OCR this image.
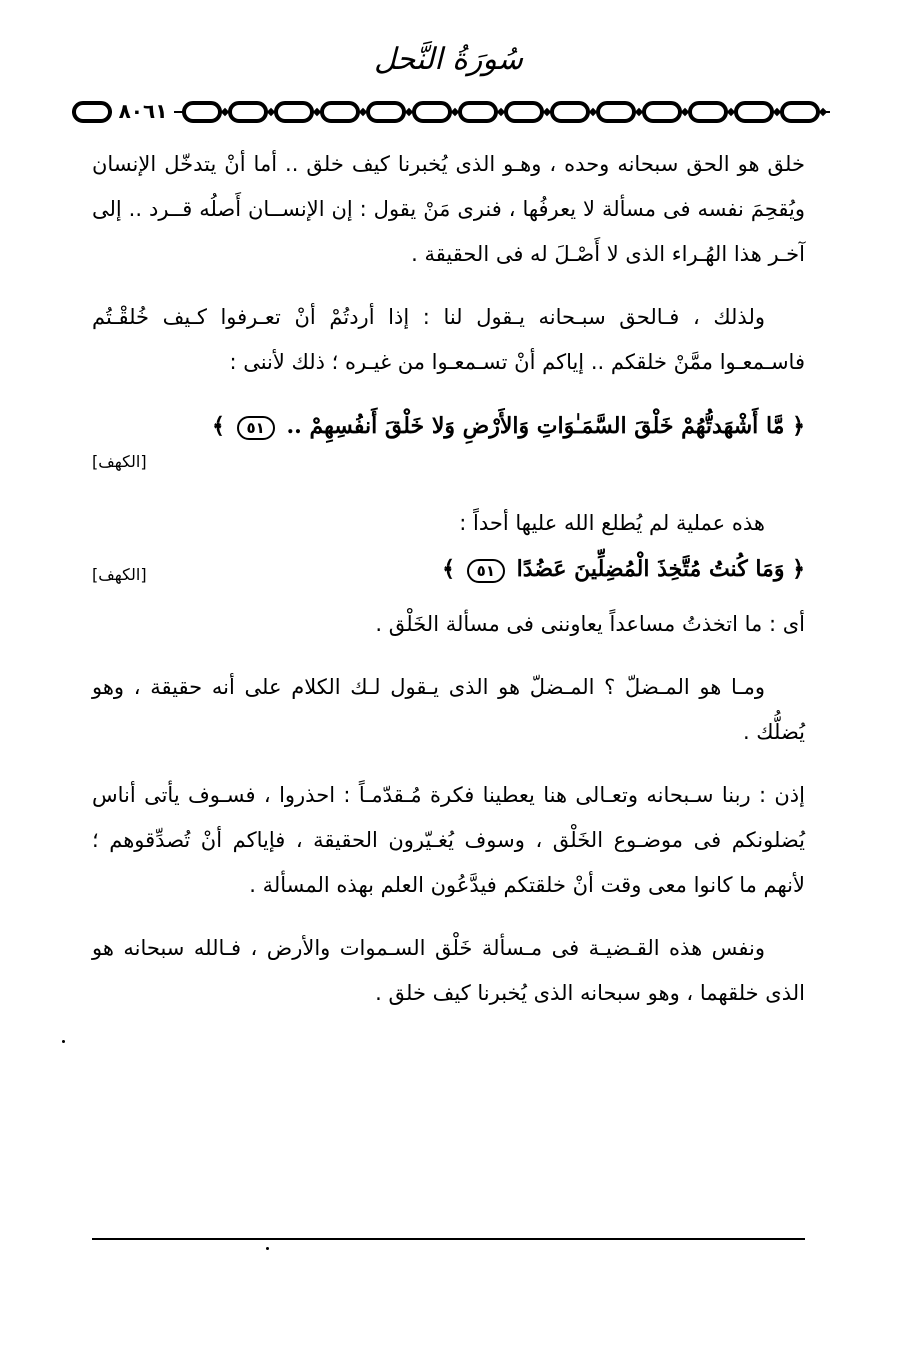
سُورَةُ النَّحل
٨٠٦١

خلق هو الحق سبحانه وحده ، وهـو الذى يُخبرنا كيف خلق .. أما أنْ يتدخّل الإنسان ويُقحِمَ نفسه فى مسألة لا يعرفُها ، فنرى مَنْ يقول : إن الإنســان أَصلُه قــرد .. إلى آخـر هذا الهُـراء الذى لا أَصْـلَ له فى الحقيقة .

ولذلك ، فـالحق سبـحانه يـقول لنا : إذا أردتُمْ أنْ تعـرفوا كـيف خُلقْـتُم فاسـمعـوا ممَّنْ خلقكم .. إياكم أنْ تسـمعـوا من غيـره ؛ ذلك لأننى :

﴿ مَّا أَشْهَدتُّهُمْ خَلْقَ السَّمَـٰوَاتِ وَالأَرْضِ وَلا خَلْقَ أَنفُسِهِمْ .. ٥١ ﴾

[الكهف]

هذه عملية لم يُطلع الله عليها أحداً :

﴿ وَمَا كُنتُ مُتَّخِذَ الْمُضِلِّينَ عَضُدًا ٥١ ﴾

[الكهف]

أى : ما اتخذتُ مساعداً يعاوننى فى مسألة الخَلْق .

ومـا هو المـضلّ ؟ المـضلّ هو الذى يـقول لـك الكلام على أنه حقيقة ، وهو يُضلُّك .

إذن : ربنا سـبحانه وتعـالى هنا يعطينا فكرة مُـقدّمـاً : احذروا ، فسـوف يأتى أناس يُضلونكم فى موضـوع الخَلْق ، وسوف يُغـيّرون الحقيقة ، فإياكم أنْ تُصدِّقوهم ؛ لأنهم ما كانوا معى وقت أنْ خلقتكم فيدَّعُون العلم بهذه المسألة .

ونفس هذه القـضيـة فى مـسألة خَلْق السـموات والأرض ، فـالله سبحانه هو الذى خلقهما ، وهو سبحانه الذى يُخبرنا كيف خلق .
